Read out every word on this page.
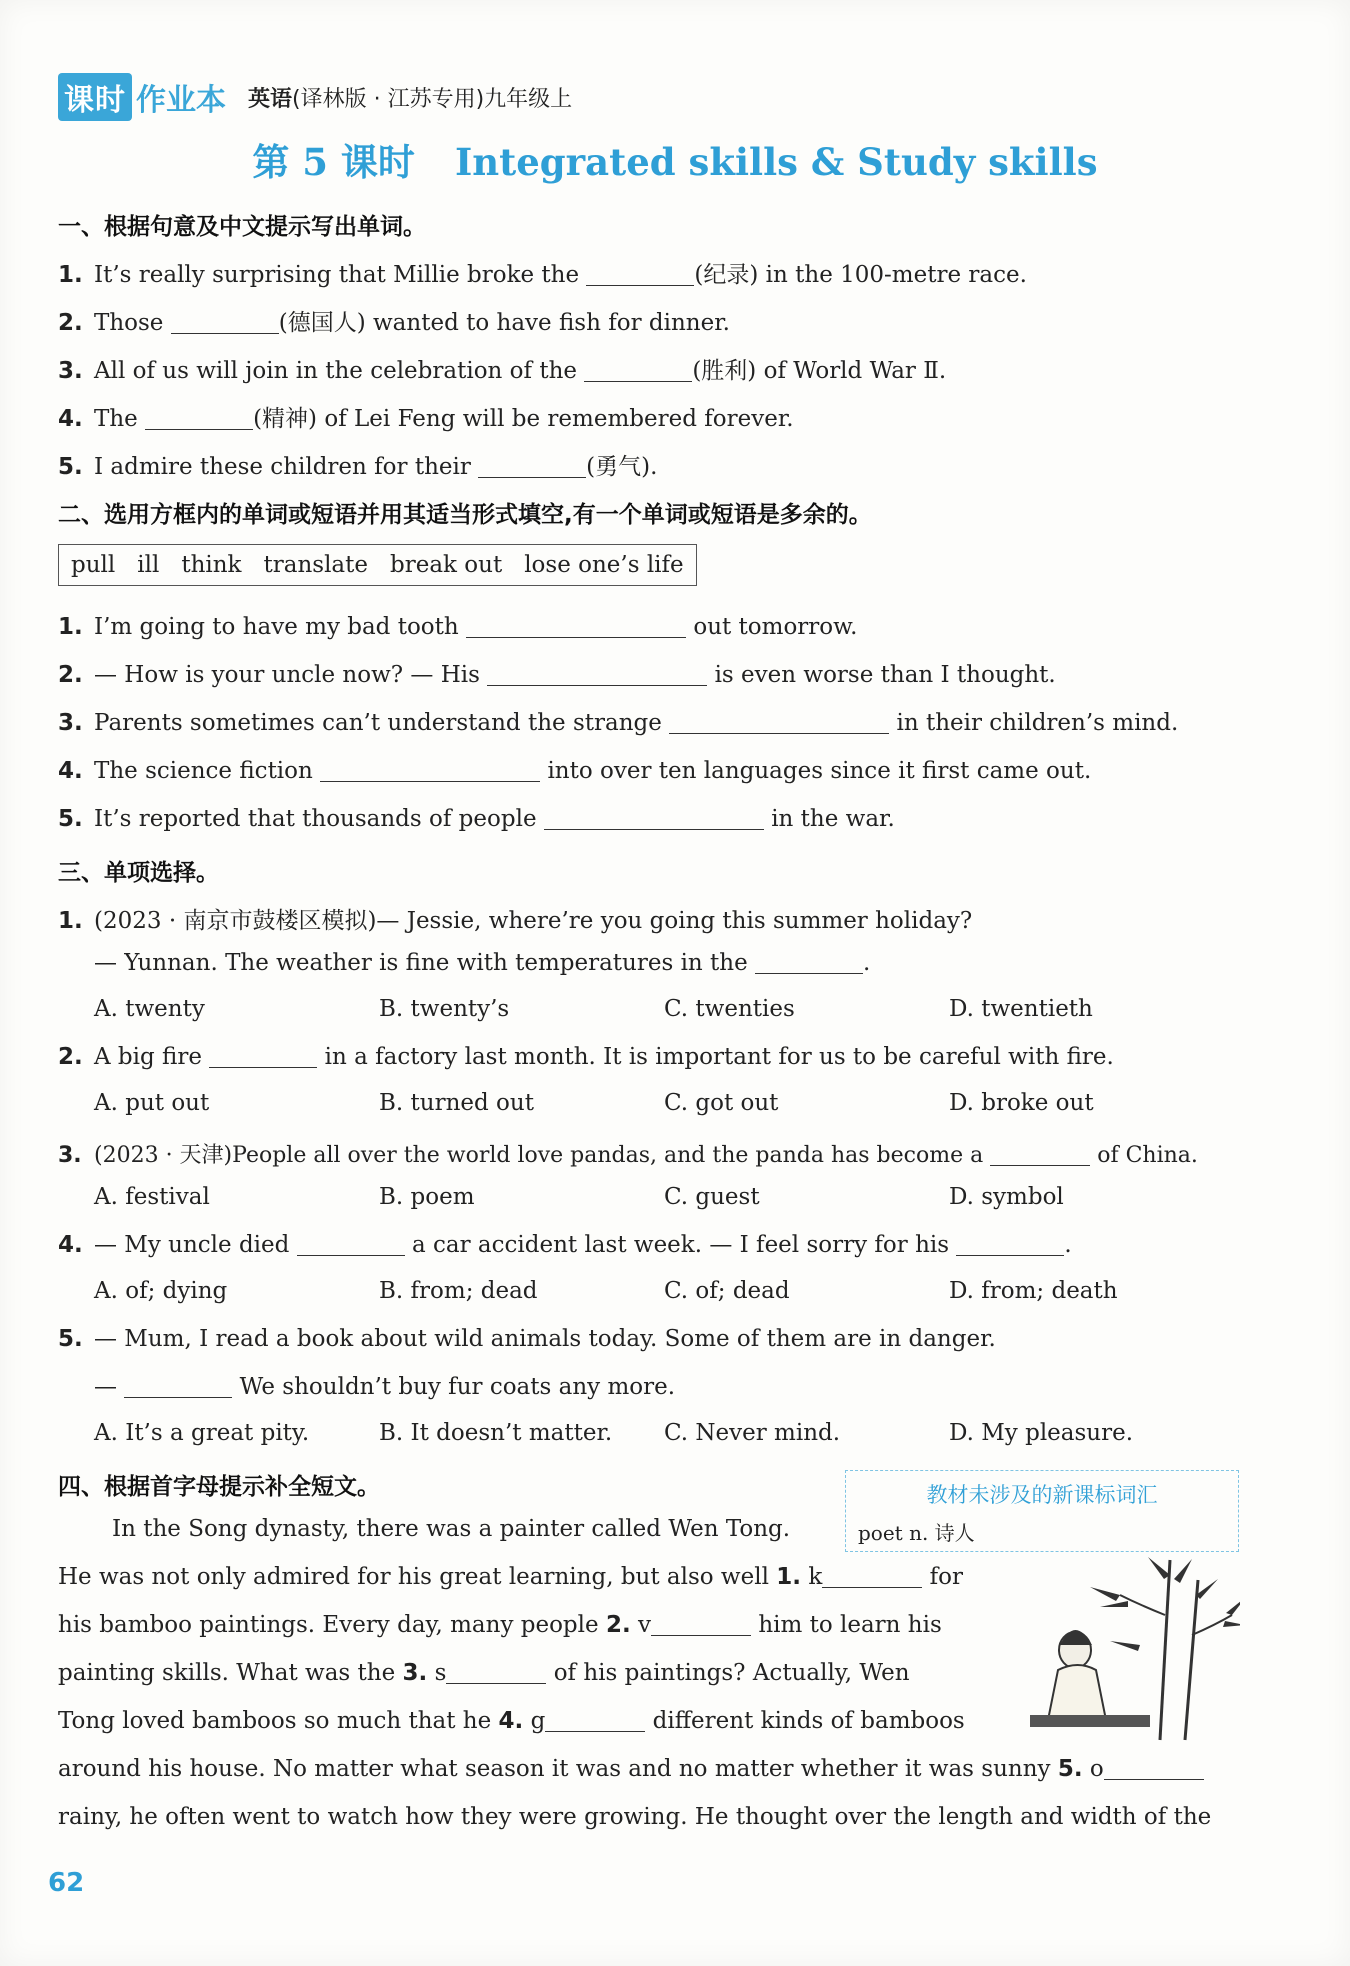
课时 作业本 英语(译林版 · 江苏专用)九年级上
第 5 课时 Integrated skills & Study skills
一、根据句意及中文提示写出单词。
1. It’s really surprising that Millie broke the	(纪录) in the 100-metre race.
2. Those	(德国人) wanted to have fish for dinner.
3. All of us will join in the celebration of the	(胜利) of World War Ⅱ.
4. The	(精神) of Lei Feng will be remembered forever.
5. I admire these children for their	(勇气).
二、选用方框内的单词或短语并用其适当形式填空,有一个单词或短语是多余的。
pull ill think translate break out lose one’s life
1. I’m going to have my bad tooth	out tomorrow.
2. — How is your uncle now? — His	is even worse than I thought.
3. Parents sometimes can’t understand the strange	in their children’s mind.
4. The science fiction	into over ten languages since it first came out.
5. It’s reported that thousands of people	in the war.
三、单项选择。
1. (2023 · 南京市鼓楼区模拟)— Jessie, where’re you going this summer holiday?
— Yunnan. The weather is fine with temperatures in the	.
A. twenty	B. twenty’s	C. twenties	D. twentieth
2. A big fire	in a factory last month. It is important for us to be careful with fire.
A. put out	B. turned out	C. got out	D. broke out
3. (2023 · 天津)People all over the world love pandas, and the panda has become a	of China.
A. festival	B. poem	C. guest	D. symbol
4. — My uncle died	a car accident last week. — I feel sorry for his	.
A. of; dying	B. from; dead	C. of; dead	D. from; death
5. — Mum, I read a book about wild animals today. Some of them are in danger.
—	We shouldn’t buy fur coats any more.
A. It’s a great pity.	B. It doesn’t matter. C. Never mind.	D. My pleasure.
四、根据首字母提示补全短文。	教材未涉及的新课标词汇
poet n. 诗人
In the Song dynasty, there was a painter called Wen Tong.
He was not only admired for his great learning, but also well 1. k	for
his bamboo paintings. Every day, many people 2. v	him to learn his
painting skills. What was the 3. s	of his paintings? Actually, Wen
Tong loved bamboos so much that he 4. g	different kinds of bamboos
around his house. No matter what season it was and no matter whether it was sunny 5. o
rainy, he often went to watch how they were growing. He thought over the length and width of the
62
